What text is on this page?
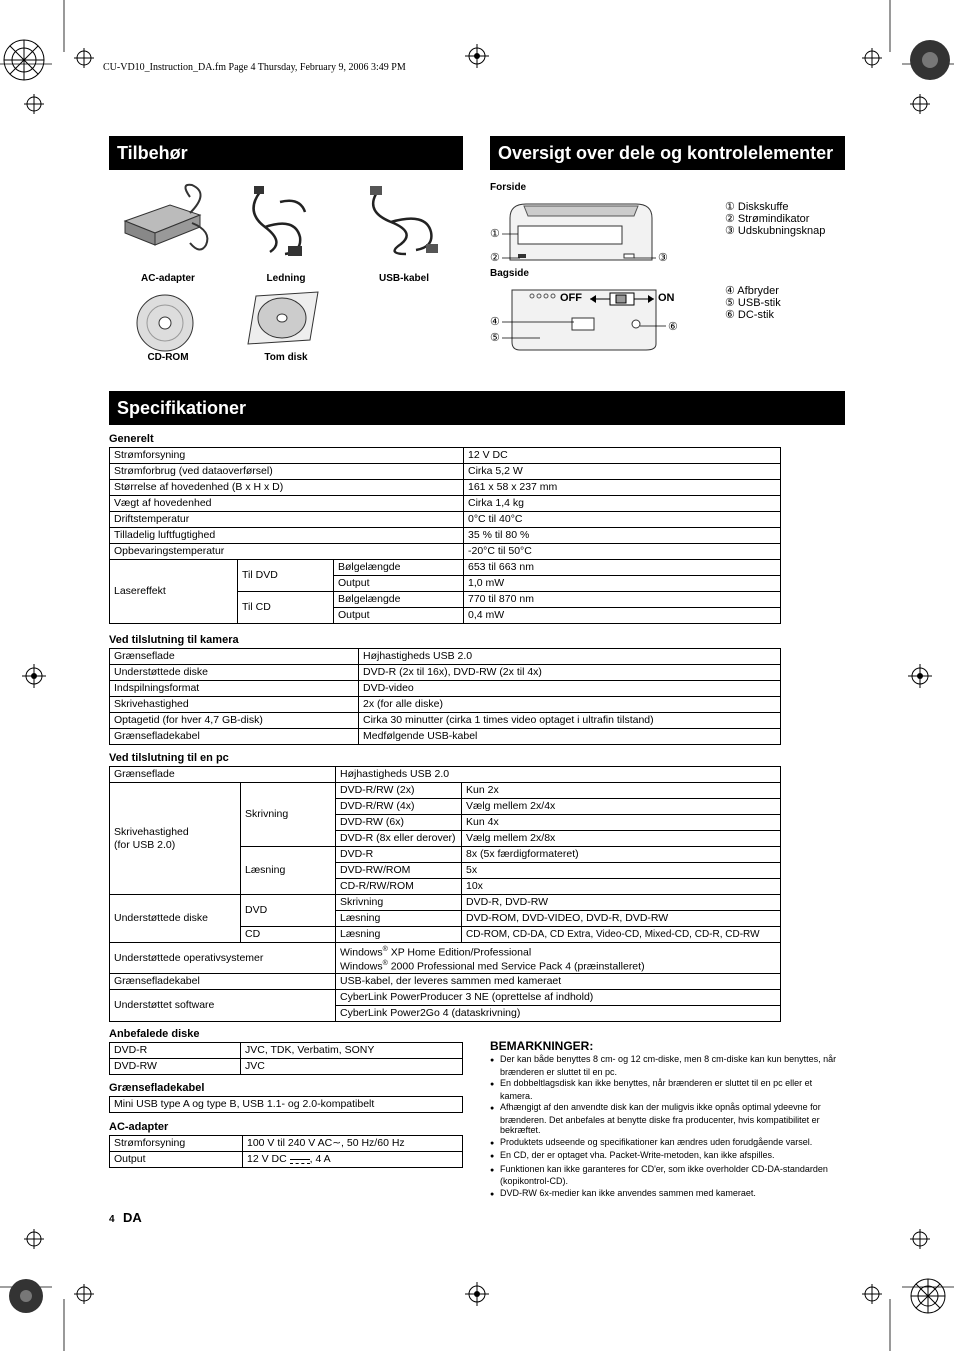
CU-VD10_Instruction_DA.fm Page 4 Thursday, February 9, 2006 3:49 PM
Tilbehør	Oversigt over dele og kontrolelementer
Specifikationer
AC-adapter	Ledning	USB-kabel
CD-ROM	Tom disk
Forside
①
②	③
① Diskskuffe
② Strømindikator
③ Udskubningsknap
Bagside
OFF	ON
④
⑤
⑥
④ Afbryder
⑤ USB-stik
⑥ DC-stik
Generelt
Strømforsyning			12 V DC
Strømforbrug (ved dataoverførsel)			Cirka 5,2 W
Størrelse af hovedenhed (B x H x D)			161 x 58 x 237 mm
Vægt af hovedenhed			Cirka 1,4 kg
Driftstemperatur			0°C til 40°C
Tilladelig luftfugtighed			35 % til 80 %
Opbevaringstemperatur			-20°C til 50°C
Lasereffekt	Til DVD	Bølgelængde	653 til 663 nm
		Output	1,0 mW
	Til CD	Bølgelængde	770 til 870 nm
		Output	0,4 mW
Ved tilslutning til kamera
Grænseflade	Højhastigheds USB 2.0
Understøttede diske	DVD-R (2x til 16x), DVD-RW (2x til 4x)
Indspilningsformat	DVD-video
Skrivehastighed	2x (for alle diske)
Optagetid (for hver 4,7 GB-disk)	Cirka 30 minutter (cirka 1 times video optaget i ultrafin tilstand)
Grænsefladekabel	Medfølgende USB-kabel
Ved tilslutning til en pc
Grænseflade		Højhastigheds USB 2.0	
Skrivehastighed
(for USB 2.0)	Skrivning	DVD-R/RW (2x)	Kun 2x
		DVD-R/RW (4x)	Vælg mellem 2x/4x
		DVD-RW (6x)	Kun 4x
		DVD-R (8x eller derover)	Vælg mellem 2x/8x
	Læsning	DVD-R	8x (5x færdigformateret)
		DVD-RW/ROM	5x
		CD-R/RW/ROM	10x
Understøttede diske	DVD	Skrivning	DVD-R, DVD-RW
		Læsning	DVD-ROM, DVD-VIDEO, DVD-R, DVD-RW
	CD	Læsning	CD-ROM, CD-DA, CD Extra, Video-CD, Mixed-CD, CD-R, CD-RW
Understøttede operativsystemer		Windows® XP Home Edition/Professional
Windows® 2000 Professional med Service Pack 4 (præinstalleret)	
Grænsefladekabel		USB-kabel, der leveres sammen med kameraet	
Understøttet software		CyberLink PowerProducer 3 NE (oprettelse af indhold)	
		CyberLink Power2Go 4 (dataskrivning)	
Anbefalede diske
DVD-R	JVC, TDK, Verbatim, SONY
DVD-RW	JVC
Grænsefladekabel
Mini USB type A og type B, USB 1.1- og 2.0-kompatibelt
AC-adapter
Strømforsyning	100 V til 240 V AC∼, 50 Hz/60 Hz
Output	12 V DC , 4 A
BEMARKNINGER:
● Der kan både benyttes 8 cm- og 12 cm-diske, men 8 cm-diske kan kun benyttes, når brænderen er sluttet til en pc.
● En dobbeltlagsdisk kan ikke benyttes, når brænderen er sluttet til en pc eller et kamera.
● Afhængigt af den anvendte disk kan der muligvis ikke opnås optimal ydeevne for brænderen. Det anbefales at benytte diske fra producenter, hvis kompatibilitet er bekræftet.
● Produktets udseende og specifikationer kan ændres uden forudgående varsel.
● En CD, der er optaget vha. Packet-Write-metoden, kan ikke afspilles.
● Funktionen kan ikke garanteres for CD'er, som ikke overholder CD-DA-standarden (kopikontrol-CD).
● DVD-RW 6x-medier kan ikke anvendes sammen med kameraet.
4 DA
